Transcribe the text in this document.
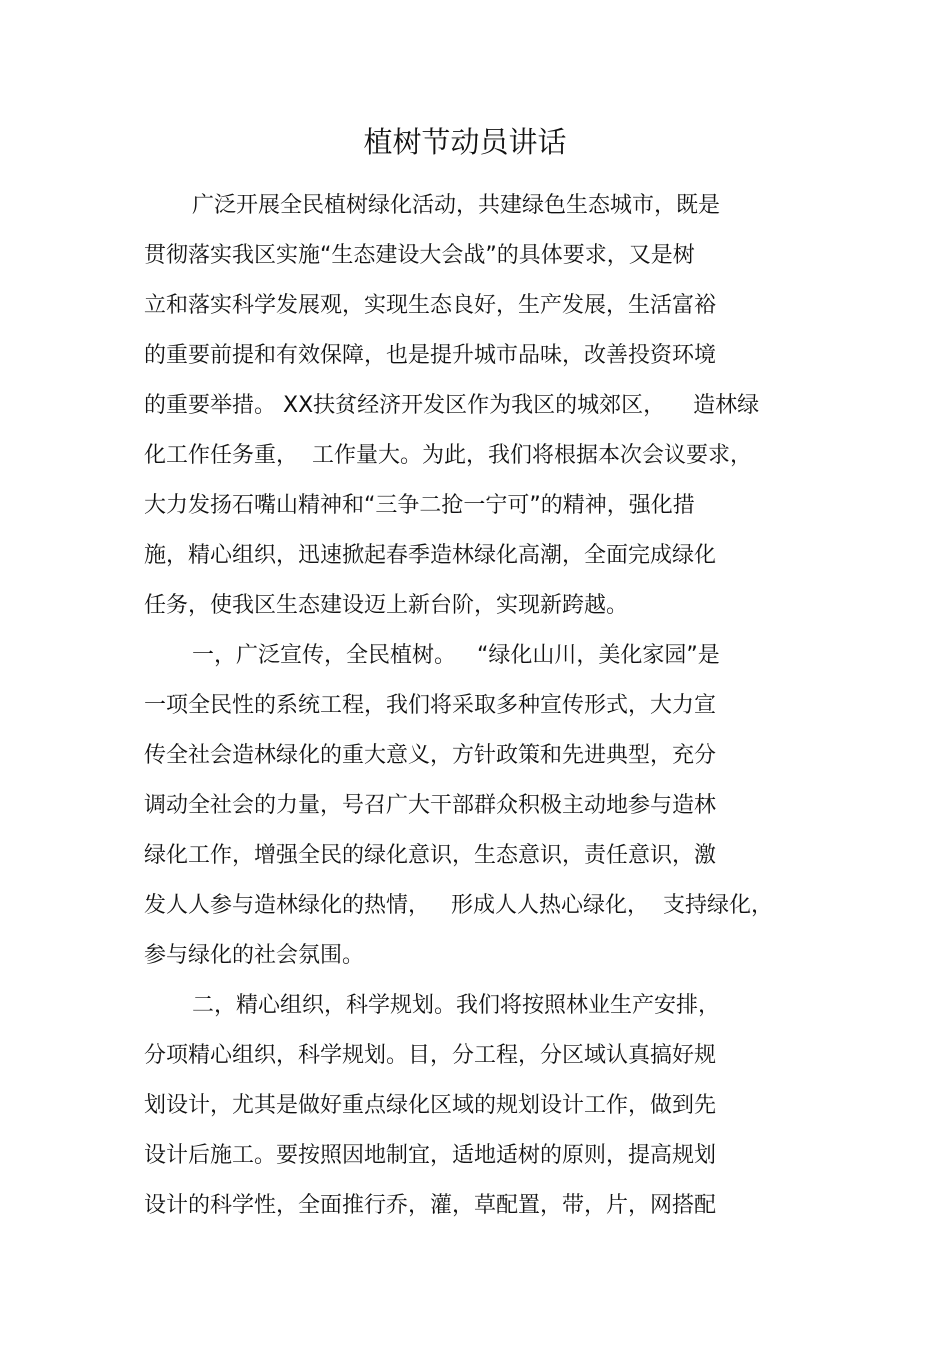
植树节动员讲话
广泛开展全民植树绿化活动，共建绿色生态城市，既是
贯彻落实我区实施“生态建设大会战”的具体要求，又是树
立和落实科学发展观，实现生态良好，生产发展，生活富裕
的重要前提和有效保障，也是提升城市品味，改善投资环境
的重要举措。 XX扶贫经济开发区作为我区的城郊区，    造林绿
化工作任务重，  工作量大。为此，我们将根据本次会议要求，
大力发扬石嘴山精神和“三争二抢一宁可”的精神，强化措
施，精心组织，迅速掀起春季造林绿化高潮，全面完成绿化
任务，使我区生态建设迈上新台阶，实现新跨越。
一，广泛宣传，全民植树。   “绿化山川，美化家园”是
一项全民性的系统工程，我们将采取多种宣传形式，大力宣
传全社会造林绿化的重大意义，方针政策和先进典型，充分
调动全社会的力量，号召广大干部群众积极主动地参与造林
绿化工作，增强全民的绿化意识，生态意识，责任意识，激
发人人参与造林绿化的热情，   形成人人热心绿化，  支持绿化，
参与绿化的社会氛围。
二，精心组织，科学规划。我们将按照林业生产安排，
分项精心组织，科学规划。目，分工程，分区域认真搞好规
划设计，尤其是做好重点绿化区域的规划设计工作，做到先
设计后施工。要按照因地制宜，适地适树的原则，提高规划
设计的科学性，全面推行乔，灌，草配置，带，片，网搭配
